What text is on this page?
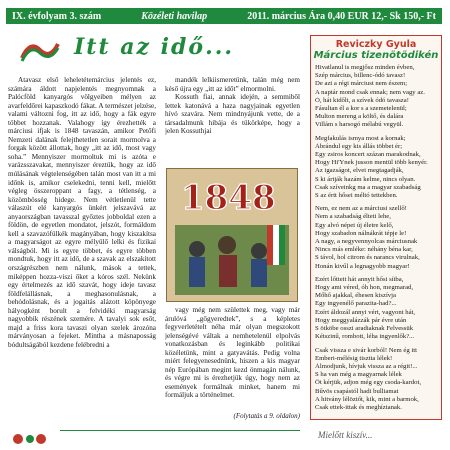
IX. évfolyam 3. szám	Közéleti havilap	2011. március Ára 0,40 EUR 12,- Sk 150,- Ft
Itt az idő...

Atavasz első leheletétemárcius jelentés ez, számára áldott napjelentés megnyomnak a Palócföld kanyargós völgyeiben mélyen az avarfeldőrei kapaszkodó fákat. A természet jelzése, valami változni fog, itt az idő, hogy a fák egyre többet hozzanak. Valahogy így érezhették a márciusi ifjak is 1848 tavaszán, amikor Petőfi Nemzeti dalának felejthetetlen sorait mormolva a forgak között állottak, hogy „itt az idő, most vagy soha.” Mennyiszer mormoltuk mi is azóta e varázsszavakat, mennyiszer éreztük, hogy az idő múlásának végtelenségében talán most van itt a mi időnk is, amikor cselekedni, tenni kell, mielőtt végleg összeroppant a fagy, a tétlenség, a közömbösség hidege. Nem vétletlenül tette válaszút elé kanyargós ünkért jelszavává az anyaországban tavasszal győztes jobboldal ezen a földön, de egyetlen mondatot, jelszót, formáldom kell a szavazófülkék magányában, hogy kiszakítsa a magyarságot az egyre mélyülő lelki és fizikai válságból. Mi is egyre többet, és egyre többen mondtuk, hogy itt az idő, de a szavak az elszakított országrészben nem nálunk, mások a tettek, miképpen hozza-viszi őket a kóros szél. Nekünk egy értelmezés az idő szavát, hogy ideje tavasz földfelállásnak, a meghasonulásnak, a behódolásnak, és a jogaitás alázott köpönyege hályogként borult a felvidéki magyarság nagyobbik részének szemére. A tavalyi sok esőt, majd a friss kora tavaszi olyan szelek ározóna márványosan a fejeket. Mintha a másnaposság bódultságából kezdene felébredni a

mandék lelkiismeretünk, talán még nem késő újra egy „itt az időt” elmormolni.

Kossuth fiai, annak idején, a semmiből lettek katonává a haza nagyjainak egyetlen hívó szavára. Nem mindnyájunk vette, de a társadalmunk hibája és tükörképe, hogy a jelen Kossuthjai

1848

vagy még nem születtek meg, vagy már árulóvá „gőgyeredtek”, s a képletes fegyverletételt néha már olyan megszokott jelenségévé váltak a nemhetelenül elpolvás vonatkozásban és leginkább politikai közéletünk, mint a gatyavátás. Pedig volna miért felegyenesednünk, hiszen a kis magyar nép Európában megint kezd önmagán nálunk, és végre mi is érezhetjük úgy, hogy nem az események formálnak minket, hanem mi formáljuk a történelmet.

(Folytatás a 9. oldalon)
Reviczky Gyula
Március tizenötödikén
Hivatlanul is megjősz minden évben,
Szép március, billenc-ódó tavasz!
De azt a régi márciust nem észem;
A naptár mond csak ennak; nem vagy az.
Ó, hát kidőlt, a szívek ódó tavasza!
Fásultan él a kor s a szemetelenül;
Multon mereng a költő, és dalára
Villám s harsogó mélabú vegyül.
Megfakulás ismya most a kornak;
Ábrándul egy kis állás többet ér;
Egy zsiros koncert százan marakodnak,
Hogy Hi'Ynek jusson mentül több kenyér.
Az igazságot, elvet megtagadják,
S ki ártják hazám kelme, nincs olyan.
Csak szíveinkg ma a magyar szabadság
S az értt hősei méltó tettekben.
Nem, ez nem az a márciusi szellő!
Nem a szabadság élteti lehe,
Egy alvó népet új életre kelő,
Hogy szabadon nálnákrát tépje le!
A nagy, a negyvennyolcas márciusnak
Nincs más emléke: néhány béna kar,
S távol, hol citrom és narancs virulnak,
Honán kivűl a legnagyobb magyar!
Ezért lőtteit hát annyit hősi sítba,
Hogy ami véred, óh hon, megmarad,
Mőhő ajakkal, éhesen kiszívja
Egy ingyenélő parazita-had?...
Ezért áldozál annyi vért, vagyont hát,
Hogy meggyalázzák pár évre után
S ötköbe osszi aradiaknak Felvessük
Kétszinű, rombott, léha ingyenlők?...
Csak vissza e sivár korból! Nem ég itt
Emberi-mélésig tisztta lélek!
Álmodjunk, hívjuk vissza az a régit!...
S ha van még a magyarnak lélek
Öt kérjük, adjon még egy csoda-kardot,
Bűvös csapástól hadi bulliamat
A hitvány lélöztőt, kik, mint a barmok,
Csak ettek-ittak és meghíztanak.
Mielőtt kiszív...
